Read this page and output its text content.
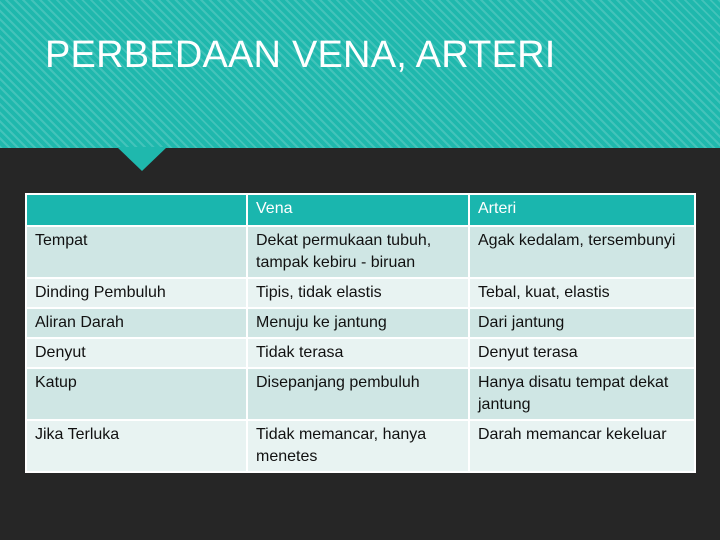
PERBEDAAN VENA, ARTERI
	Vena	Arteri
Tempat	Dekat permukaan tubuh, tampak kebiru - biruan	Agak kedalam, tersembunyi
Dinding Pembuluh	Tipis, tidak elastis	Tebal, kuat, elastis
Aliran Darah	Menuju ke jantung	Dari jantung
Denyut	Tidak terasa	Denyut terasa
Katup	Disepanjang pembuluh	Hanya disatu tempat dekat jantung
Jika Terluka	Tidak memancar, hanya menetes	Darah memancar kekeluar
